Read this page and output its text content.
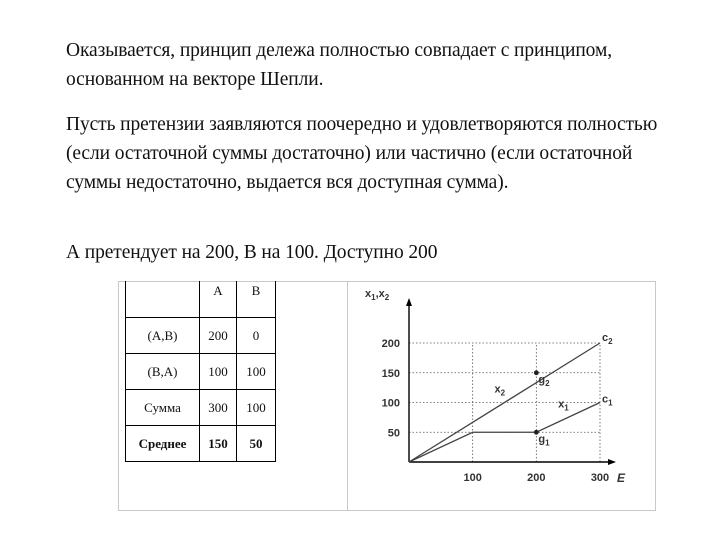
Оказывается, принцип дележа полностью совпадает с принципом, основанном на векторе Шепли.

Пусть претензии заявляются поочередно и удовлетворяются полностью (если остаточной суммы достаточно) или частично (если остаточной суммы недостаточно, выдается вся доступная сумма).

А претендует на 200, В на 100. Доступно 200

	A	B
(А,В)	200	0
(В,А)	100	100
Сумма	300	100
Среднее	150	50
50
100
150
200
100	200	300
$x_1,x_2$
E
$x_2$
$c_2$
$x_1$
$c_1$
$g_2$
$g_1$
